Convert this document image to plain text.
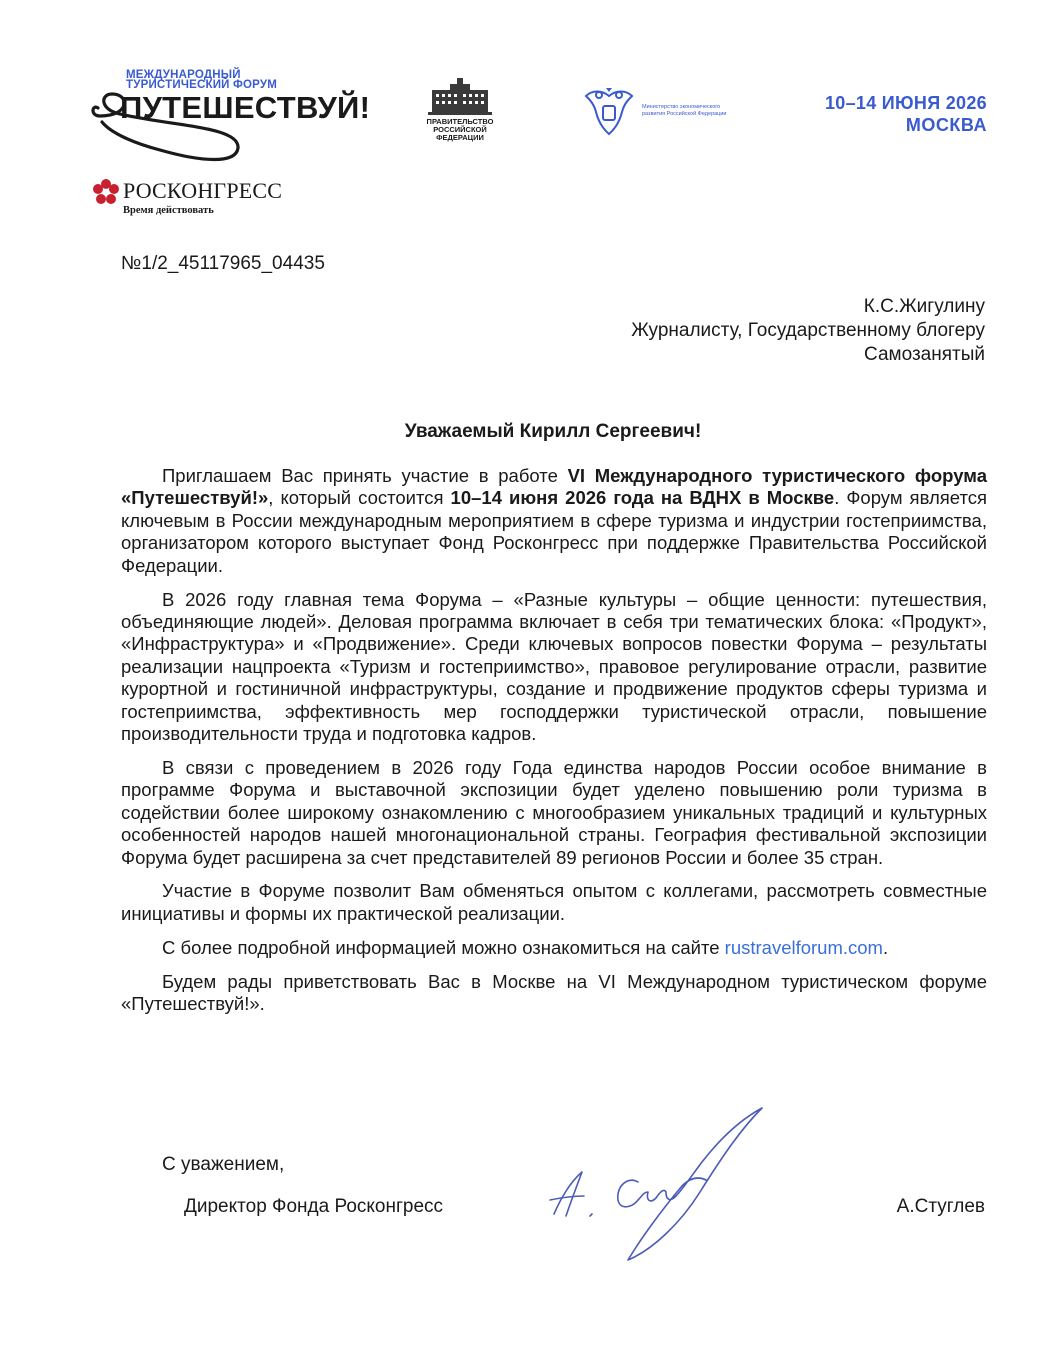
МЕЖДУНАРОДНЫЙ
ТУРИСТИЧЕСКИЙ ФОРУМ
ПУТЕШЕСТВУЙ!
РОСКОНГРЕСС
Время действовать
ПРАВИТЕЛЬСТВО РОССИЙСКОЙ ФЕДЕРАЦИИ
Министерство экономического развития Российской Федерации
10–14 ИЮНЯ 2026
МОСКВА
№1/2_45117965_04435
К.С.Жигулину
Журналисту, Государственному блогеру
Самозанятый
Уважаемый Кирилл Сергеевич!

Приглашаем Вас принять участие в работе VI Международного туристического форума «Путешествуй!», который состоится 10–14 июня 2026 года на ВДНХ в Москве. Форум является ключевым в России международным мероприятием в сфере туризма и индустрии гостеприимства, организатором которого выступает Фонд Росконгресс при поддержке Правительства Российской Федерации.

В 2026 году главная тема Форума – «Разные культуры – общие ценности: путешествия, объединяющие людей». Деловая программа включает в себя три тематических блока: «Продукт», «Инфраструктура» и «Продвижение». Среди ключевых вопросов повестки Форума – результаты реализации нацпроекта «Туризм и гостеприимство», правовое регулирование отрасли, развитие курортной и гостиничной инфраструктуры, создание и продвижение продуктов сферы туризма и гостеприимства, эффективность мер господдержки туристической отрасли, повышение производительности труда и подготовка кадров.

В связи с проведением в 2026 году Года единства народов России особое внимание в программе Форума и выставочной экспозиции будет уделено повышению роли туризма в содействии более широкому ознакомлению с многообразием уникальных традиций и культурных особенностей народов нашей многонациональной страны. География фестивальной экспозиции Форума будет расширена за счет представителей 89 регионов России и более 35 стран.

Участие в Форуме позволит Вам обменяться опытом с коллегами, рассмотреть совместные инициативы и формы их практической реализации.

С более подробной информацией можно ознакомиться на сайте rustravelforum.com.

Будем рады приветствовать Вас в Москве на VI Международном туристическом форуме «Путешествуй!».

С уважением,
Директор Фонда Росконгресс	А.Стуглев
